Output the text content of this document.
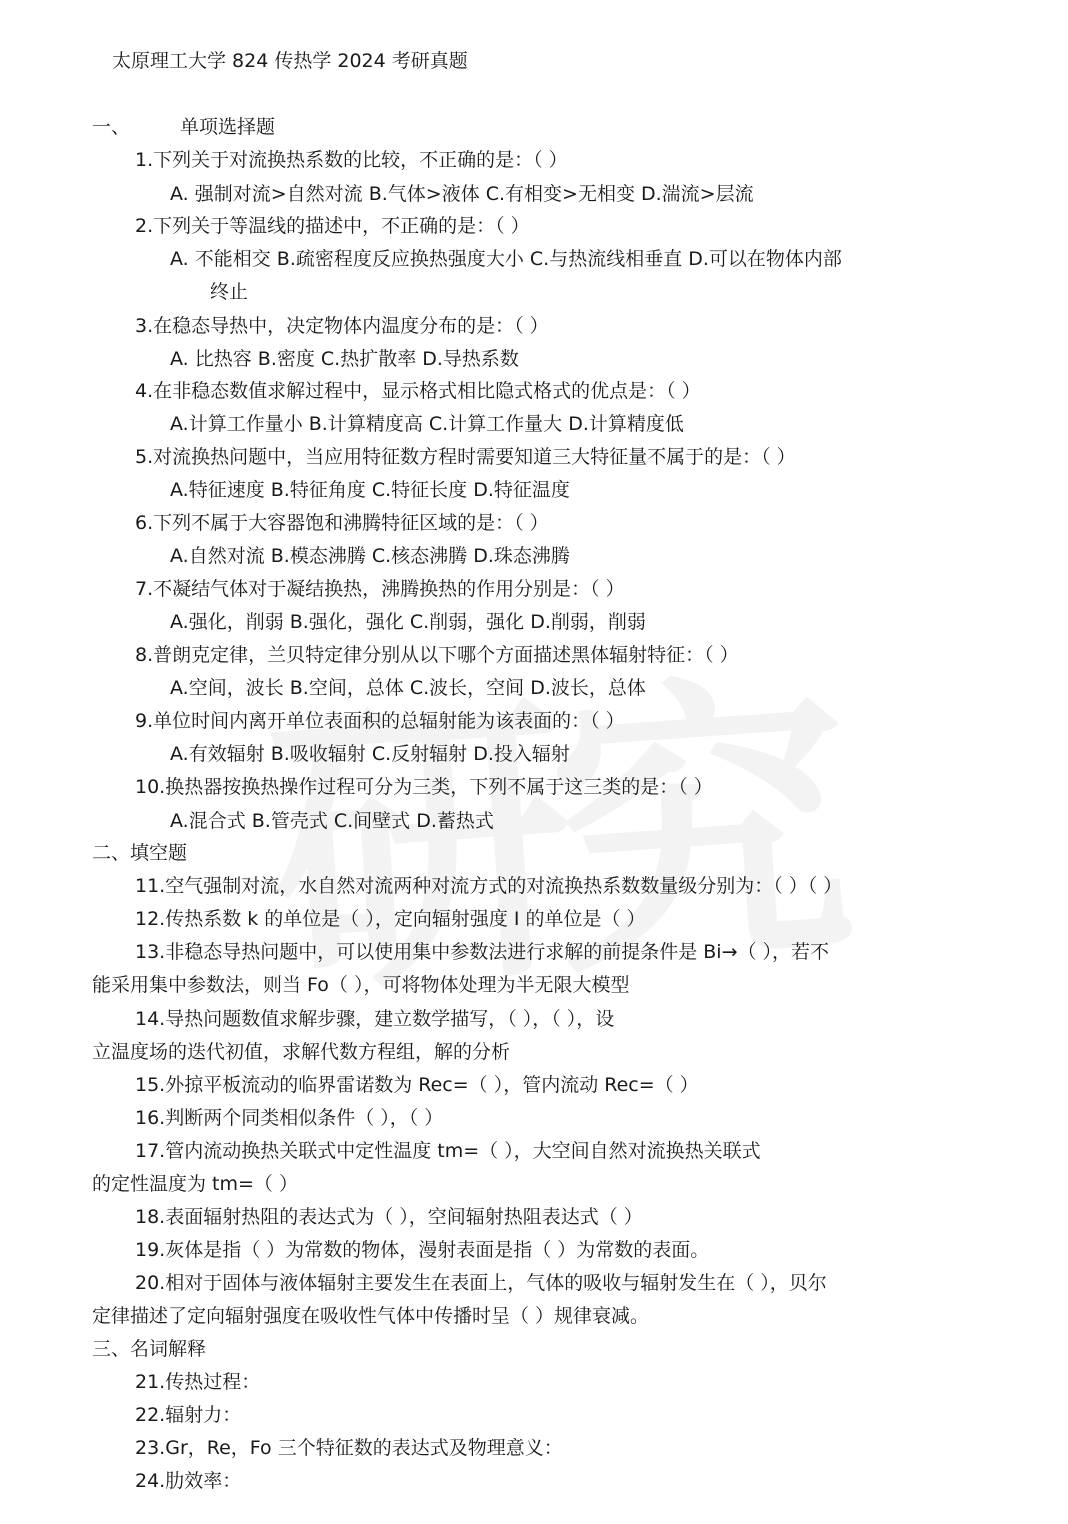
太原理工大学 824 传热学 2024 考研真题
一、	单项选择题
1.下列关于对流换热系数的比较，不正确的是：（ ）
A. 强制对流>自然对流 B.气体>液体 C.有相变>无相变 D.湍流>层流
2.下列关于等温线的描述中，不正确的是：（ ）
A. 不能相交 B.疏密程度反应换热强度大小 C.与热流线相垂直 D.可以在物体内部
终止
3.在稳态导热中，决定物体内温度分布的是：（ ）
A. 比热容 B.密度 C.热扩散率 D.导热系数
4.在非稳态数值求解过程中，显示格式相比隐式格式的优点是：（ ）
A.计算工作量小 B.计算精度高 C.计算工作量大 D.计算精度低
5.对流换热问题中，当应用特征数方程时需要知道三大特征量不属于的是：（ ）
A.特征速度 B.特征角度 C.特征长度 D.特征温度
6.下列不属于大容器饱和沸腾特征区域的是：（ ）
A.自然对流 B.模态沸腾 C.核态沸腾 D.珠态沸腾
7.不凝结气体对于凝结换热，沸腾换热的作用分别是：（ ）
A.强化，削弱 B.强化，强化 C.削弱，强化 D.削弱，削弱
8.普朗克定律，兰贝特定律分别从以下哪个方面描述黑体辐射特征：（ ）
A.空间，波长 B.空间，总体 C.波长，空间 D.波长，总体
9.单位时间内离开单位表面积的总辐射能为该表面的：（ ）
A.有效辐射 B.吸收辐射 C.反射辐射 D.投入辐射
10.换热器按换热操作过程可分为三类，下列不属于这三类的是：（ ）
A.混合式 B.管壳式 C.间壁式 D.蓄热式
二、填空题
11.空气强制对流，水自然对流两种对流方式的对流换热系数数量级分别为：（ ）（ ）
12.传热系数 k 的单位是（ ），定向辐射强度 I 的单位是（ ）
13.非稳态导热问题中，可以使用集中参数法进行求解的前提条件是 Bi→（ ），若不
能采用集中参数法，则当 Fo（ ），可将物体处理为半无限大模型
14.导热问题数值求解步骤，建立数学描写，（ ），（ ），设
立温度场的迭代初值，求解代数方程组，解的分析
15.外掠平板流动的临界雷诺数为 Rec=（ ），管内流动 Rec=（ ）
16.判断两个同类相似条件（ ），（ ）
17.管内流动换热关联式中定性温度 tm=（ ），大空间自然对流换热关联式
的定性温度为 tm=（ ）
18.表面辐射热阻的表达式为（ ），空间辐射热阻表达式（ ）
19.灰体是指（ ）为常数的物体，漫射表面是指（ ）为常数的表面。
20.相对于固体与液体辐射主要发生在表面上，气体的吸收与辐射发生在（ ），贝尔
定律描述了定向辐射强度在吸收性气体中传播时呈（ ）规律衰减。
三、名词解释
21.传热过程：
22.辐射力：
23.Gr，Re，Fo 三个特征数的表达式及物理意义：
24.肋效率：
